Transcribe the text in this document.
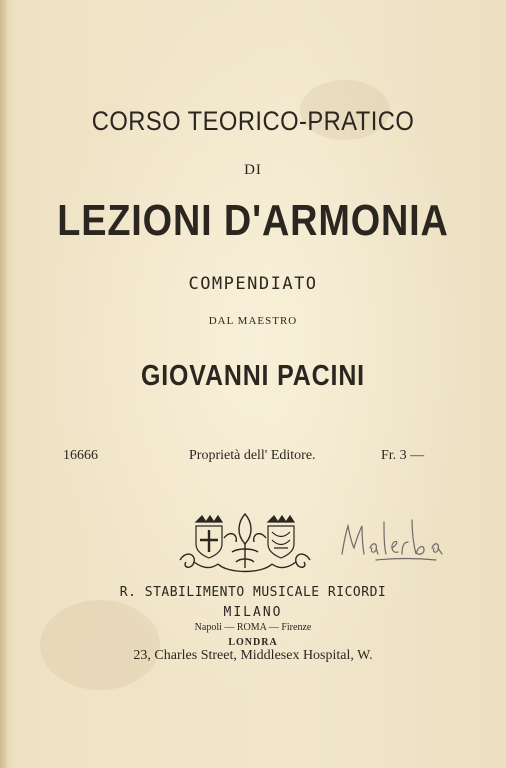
CORSO TEORICO-PRATICO
DI
LEZIONI D'ARMONIA
COMPENDIATO
DAL MAESTRO
GIOVANNI PACINI
16666	Proprietà dell' Editore.	Fr. 3 —
R. STABILIMENTO MUSICALE RICORDI
MILANO
Napoli — ROMA — Firenze
LONDRA
23, Charles Street, Middlesex Hospital, W.
